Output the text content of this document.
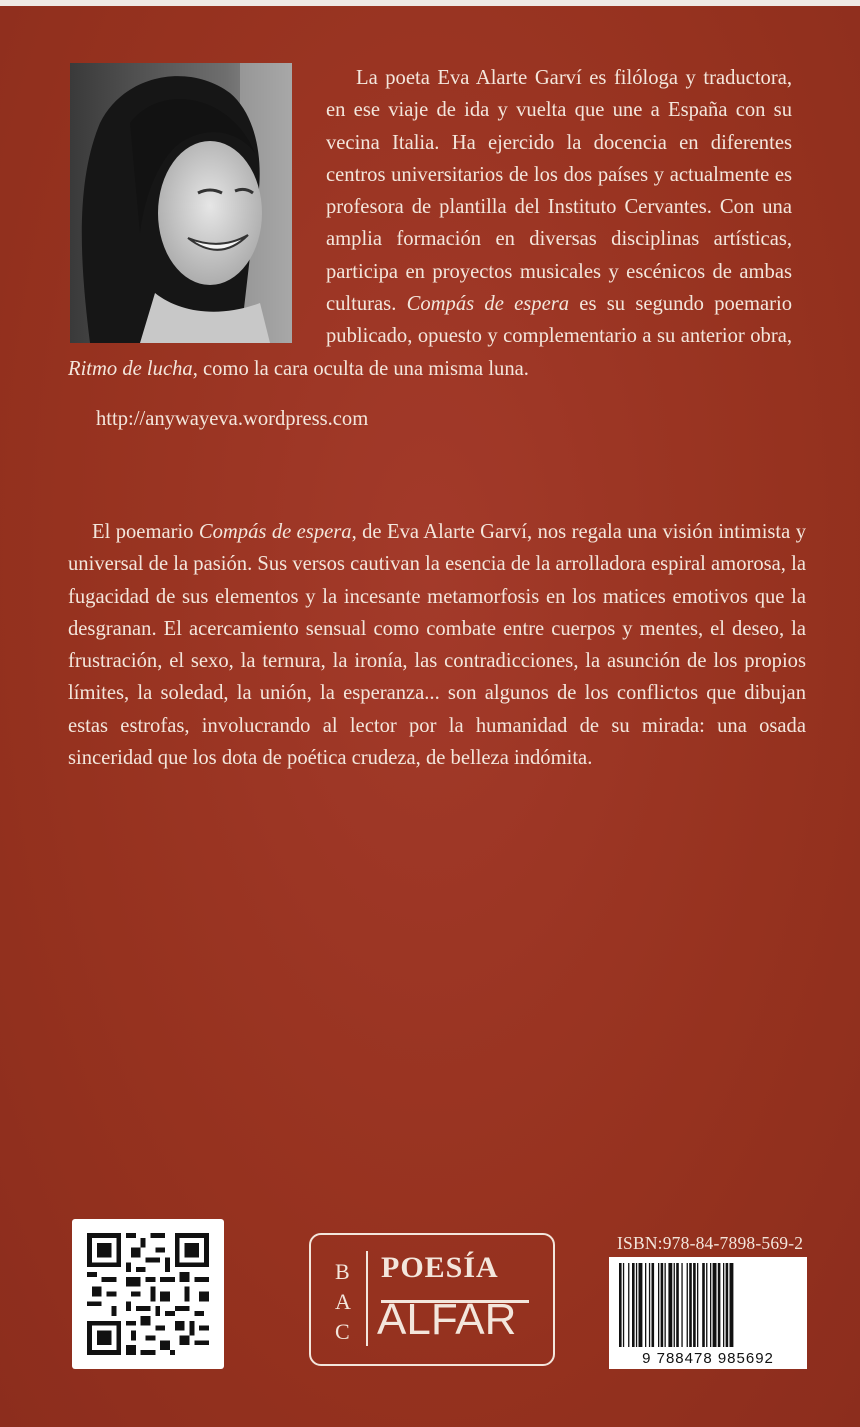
La poeta Eva Alarte Garví es filóloga y traductora, en ese viaje de ida y vuelta que une a España con su vecina Italia. Ha ejercido la docencia en diferentes centros universitarios de los dos países y actualmente es profesora de plantilla del Instituto Cervantes. Con una amplia formación en diversas disciplinas artísticas, participa en proyectos musicales y escénicos de ambas culturas. Compás de espera es su segundo poemario publicado, opuesto y complementario a su anterior obra, Ritmo de lucha, como la cara oculta de una misma luna.

http://anywayeva.wordpress.com

El poemario Compás de espera, de Eva Alarte Garví, nos regala una visión intimista y universal de la pasión. Sus versos cautivan la esencia de la arrolladora espiral amorosa, la fugacidad de sus elementos y la incesante metamorfosis en los matices emotivos que la desgranan. El acercamiento sensual como combate entre cuerpos y mentes, el deseo, la frustración, el sexo, la ternura, la ironía, las contradicciones, la asunción de los propios límites, la soledad, la unión, la esperanza... son algunos de los conflictos que dibujan estas estrofas, involucrando al lector por la humanidad de su mirada: una osada sinceridad que los dota de poética crudeza, de belleza indómita.

B
A
C
POESÍA
ALFAR
ISBN:978-84-7898-569-2
9 788478 985692
